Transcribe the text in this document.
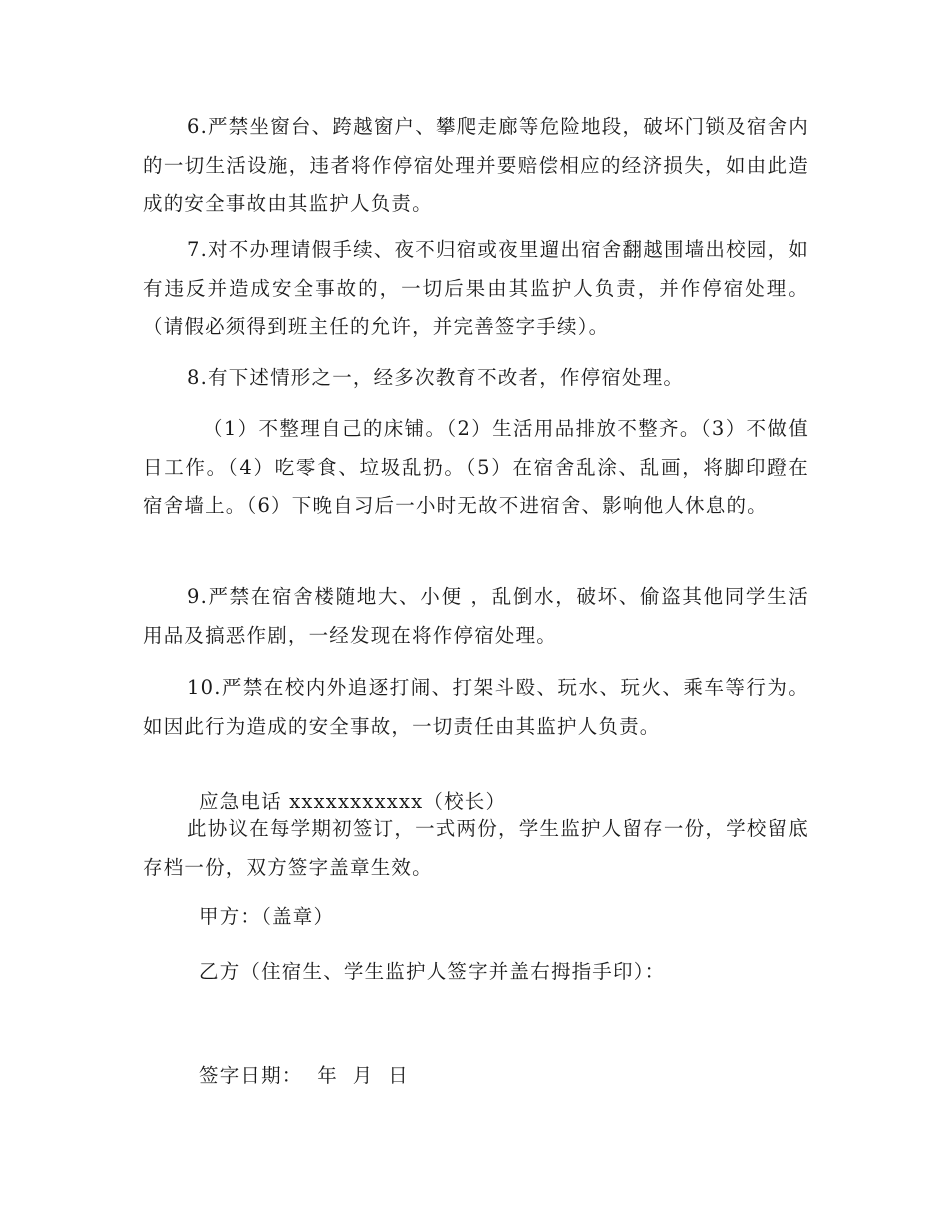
6.严禁坐窗台、跨越窗户、攀爬走廊等危险地段，破坏门锁及宿舍内的一切生活设施，违者将作停宿处理并要赔偿相应的经济损失，如由此造成的安全事故由其监护人负责。

7.对不办理请假手续、夜不归宿或夜里遛出宿舍翻越围墙出校园，如有违反并造成安全事故的，一切后果由其监护人负责，并作停宿处理。（请假必须得到班主任的允许，并完善签字手续）。

8.有下述情形之一，经多次教育不改者，作停宿处理。

（1）不整理自己的床铺。（2）生活用品排放不整齐。（3）不做值日工作。（4）吃零食、垃圾乱扔。（5）在宿舍乱涂、乱画，将脚印蹬在宿舍墙上。（6）下晚自习后一小时无故不进宿舍、影响他人休息的。

9.严禁在宿舍楼随地大、小便 ，乱倒水，破坏、偷盗其他同学生活用品及搞恶作剧，一经发现在将作停宿处理。

10.严禁在校内外追逐打闹、打架斗殴、玩水、玩火、乘车等行为。如因此行为造成的安全事故，一切责任由其监护人负责。

应急电话 xxxxxxxxxxx（校长）

此协议在每学期初签订，一式两份，学生监护人留存一份，学校留底存档一份，双方签字盖章生效。

甲方：（盖章）

乙方（住宿生、学生监护人签字并盖右拇指手印）：

签字日期：  年  月  日
